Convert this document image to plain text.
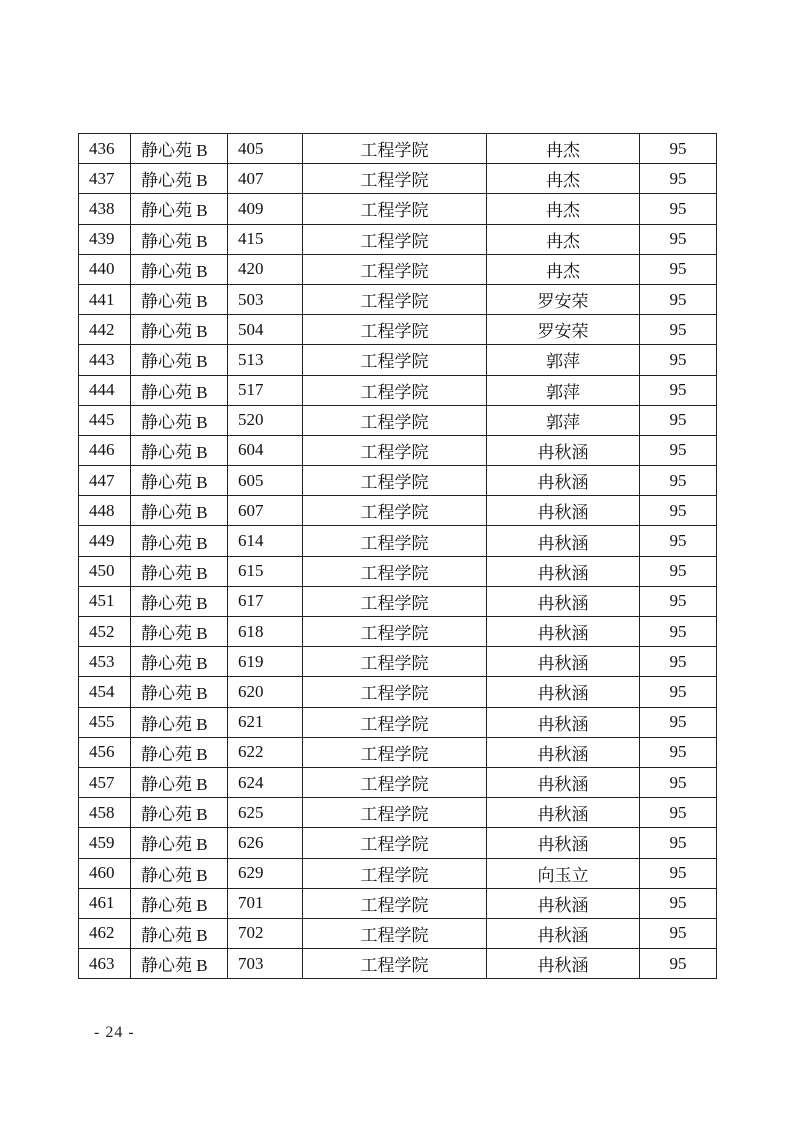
436	静心苑 B	405	工程学院	冉杰	95
437	静心苑 B	407	工程学院	冉杰	95
438	静心苑 B	409	工程学院	冉杰	95
439	静心苑 B	415	工程学院	冉杰	95
440	静心苑 B	420	工程学院	冉杰	95
441	静心苑 B	503	工程学院	罗安荣	95
442	静心苑 B	504	工程学院	罗安荣	95
443	静心苑 B	513	工程学院	郭萍	95
444	静心苑 B	517	工程学院	郭萍	95
445	静心苑 B	520	工程学院	郭萍	95
446	静心苑 B	604	工程学院	冉秋涵	95
447	静心苑 B	605	工程学院	冉秋涵	95
448	静心苑 B	607	工程学院	冉秋涵	95
449	静心苑 B	614	工程学院	冉秋涵	95
450	静心苑 B	615	工程学院	冉秋涵	95
451	静心苑 B	617	工程学院	冉秋涵	95
452	静心苑 B	618	工程学院	冉秋涵	95
453	静心苑 B	619	工程学院	冉秋涵	95
454	静心苑 B	620	工程学院	冉秋涵	95
455	静心苑 B	621	工程学院	冉秋涵	95
456	静心苑 B	622	工程学院	冉秋涵	95
457	静心苑 B	624	工程学院	冉秋涵	95
458	静心苑 B	625	工程学院	冉秋涵	95
459	静心苑 B	626	工程学院	冉秋涵	95
460	静心苑 B	629	工程学院	向玉立	95
461	静心苑 B	701	工程学院	冉秋涵	95
462	静心苑 B	702	工程学院	冉秋涵	95
463	静心苑 B	703	工程学院	冉秋涵	95
- 24 -
